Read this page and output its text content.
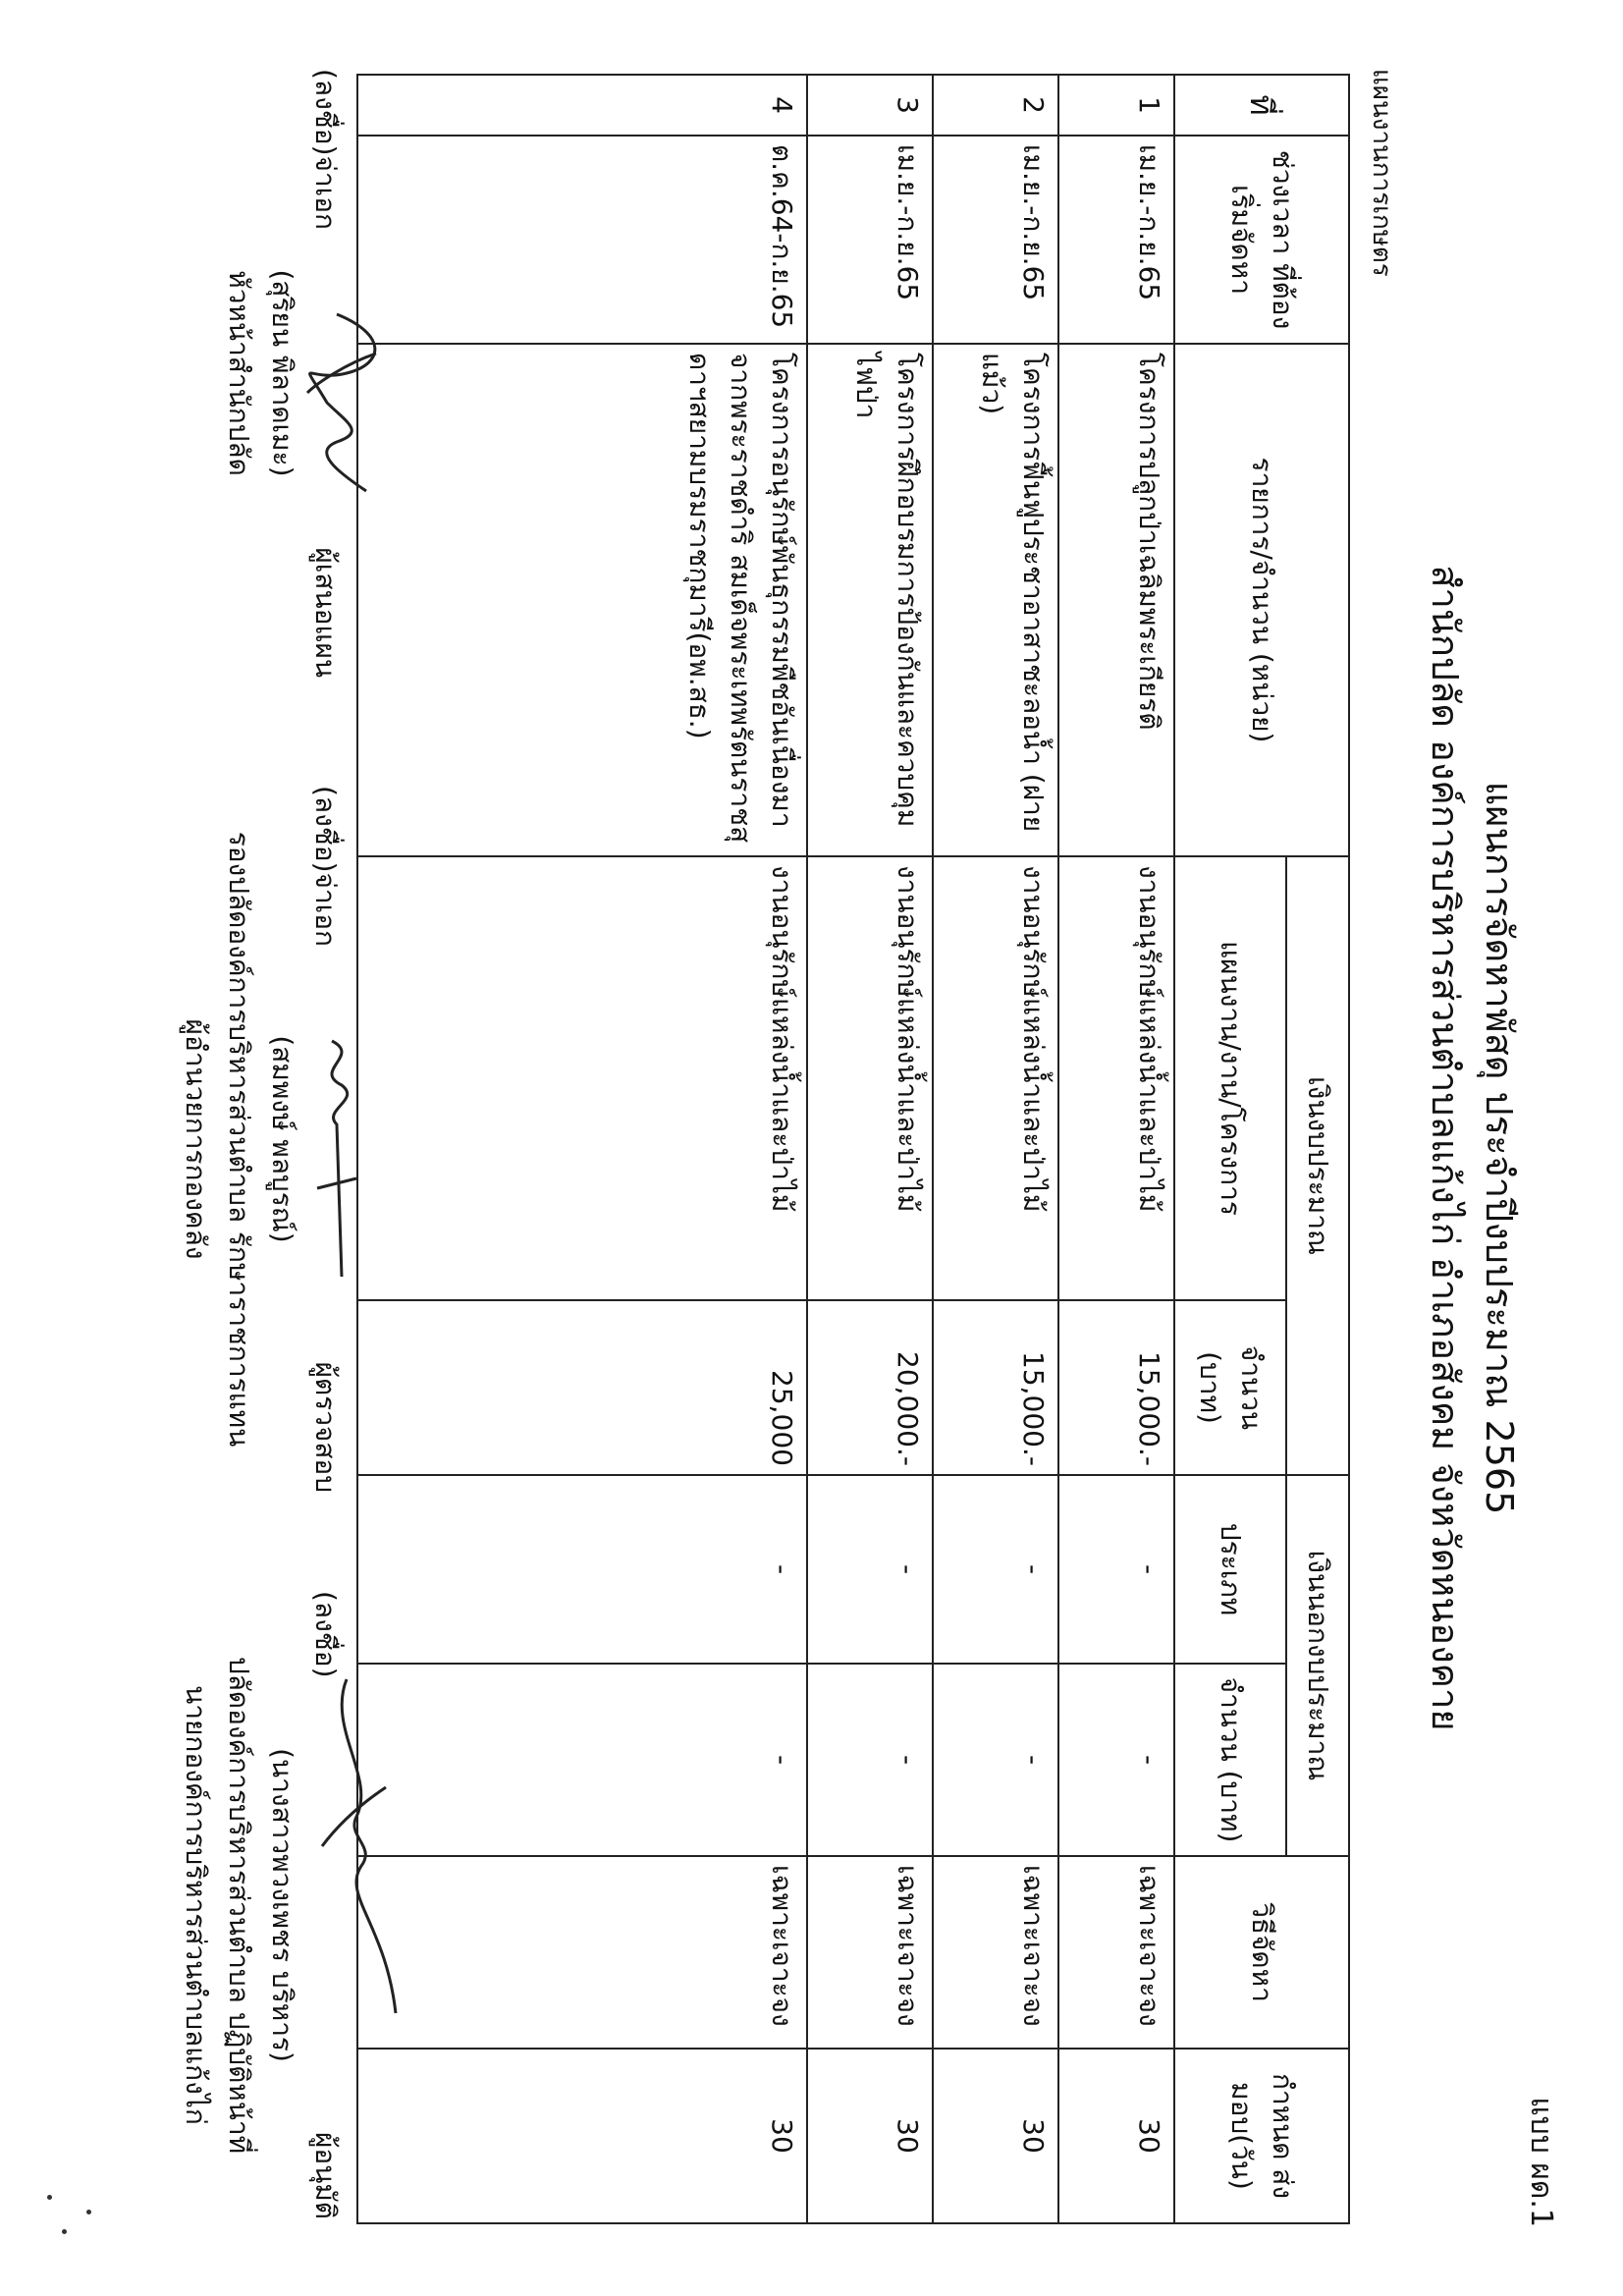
แบบ ผด.1
แผนการจัดหาพัสดุ ประจำปีงบประมาณ 2565
สำนักปลัด องค์การบริหารส่วนตำบลแก้งไก่ อำเภอสังคม จังหวัดหนองคาย
แผนงานการเกษตร
ที่
ช่วงเวลา ที่ต้องเริ่มจัดหา
รายการ/จำนวน (หน่วย)
เงินงบประมาณ
แผนงาน/งาน/โครงการ
จำนวน (บาท)
เงินนอกงบประมาณ
ประเภท
จำนวน (บาท)
วิธีจัดหา
กำหนด ส่งมอบ(วัน)
1
เม.ย.-ก.ย.65
โครงการปลูกป่าเฉลิมพระเกียรติ
งานอนุรักษ์แหล่งน้ำและป่าไม้
15,000.-
-
-
เฉพาะเจาะจง
30
2
เม.ย.-ก.ย.65
โครงการฟื้นฟูประชาอาสาชะลอน้ำ (ฝายแม้ว)
งานอนุรักษ์แหล่งน้ำและป่าไม้
15,000.-
-
-
เฉพาะเจาะจง
30
3
เม.ย.-ก.ย.65
โครงการฝึกอบรมการป้องกันและควบคุมไฟป่า
งานอนุรักษ์แหล่งน้ำและป่าไม้
20,000.-
-
-
เฉพาะเจาะจง
30
4
ต.ค.64-ก.ย.65
โครงการอนุรักษ์พันธุกรรมพืชอันเนื่องมาจากพระราชดำริ สมเด็จพระเทพรัตนราชสุดาฯสยามบรมราชกุมารี(อพ.สธ.)
งานอนุรักษ์แหล่งน้ำและป่าไม้
25,000
-
-
เฉพาะเจาะจง
30
(ลงชื่อ)จ่าเอก
ผู้เสนอแผน
(สุริยน พิลาดเมะ)
หัวหน้าสำนักปลัด
(ลงชื่อ)จ่าเอก
ผู้ตรวจสอบ
(สมพงษ์ พลบูรณ์)
รองปลัดองค์การบริหารส่วนตำบล รักษาราชการแทน
ผู้อำนวยการกองคลัง
(ลงชื่อ)
ผู้อนุมัติ
(นางสาวพวงเพชร บริหาร)
ปลัดองค์การบริหารส่วนตำบล ปฏิบัติหน้าที่
นายกองค์การบริหารส่วนตำบลแก้งไก่
